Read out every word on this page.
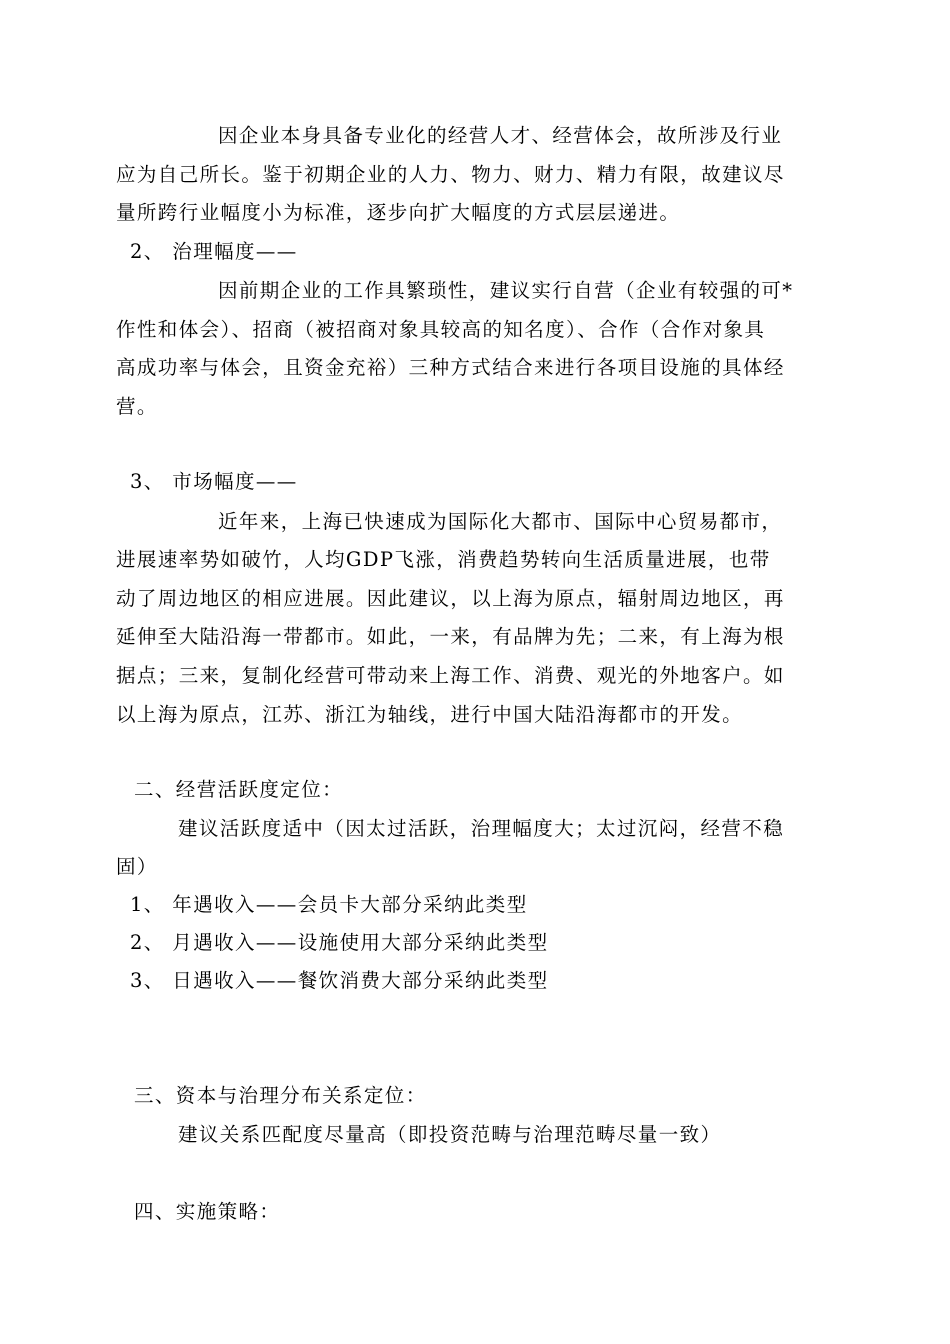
因企业本身具备专业化的经营人才、经营体会，故所涉及行业
应为自己所长。鉴于初期企业的人力、物力、财力、精力有限，故建议尽
量所跨行业幅度小为标准，逐步向扩大幅度的方式层层递进。
2、 治理幅度——
因前期企业的工作具繁琐性，建议实行自营（企业有较强的可*
作性和体会）、招商（被招商对象具较高的知名度）、合作（合作对象具
高成功率与体会，且资金充裕）三种方式结合来进行各项目设施的具体经
营。
3、 市场幅度——
近年来，上海已快速成为国际化大都市、国际中心贸易都市，
进展速率势如破竹，人均GDP飞涨，消费趋势转向生活质量进展，也带
动了周边地区的相应进展。因此建议，以上海为原点，辐射周边地区，再
延伸至大陆沿海一带都市。如此，一来，有品牌为先；二来，有上海为根
据点；三来，复制化经营可带动来上海工作、消费、观光的外地客户。如
以上海为原点，江苏、浙江为轴线，进行中国大陆沿海都市的开发。
二、经营活跃度定位：
建议活跃度适中（因太过活跃，治理幅度大；太过沉闷，经营不稳
固）
1、 年遇收入——会员卡大部分采纳此类型
2、 月遇收入——设施使用大部分采纳此类型
3、 日遇收入——餐饮消费大部分采纳此类型
三、资本与治理分布关系定位：
建议关系匹配度尽量高（即投资范畴与治理范畴尽量一致）
四、实施策略：
